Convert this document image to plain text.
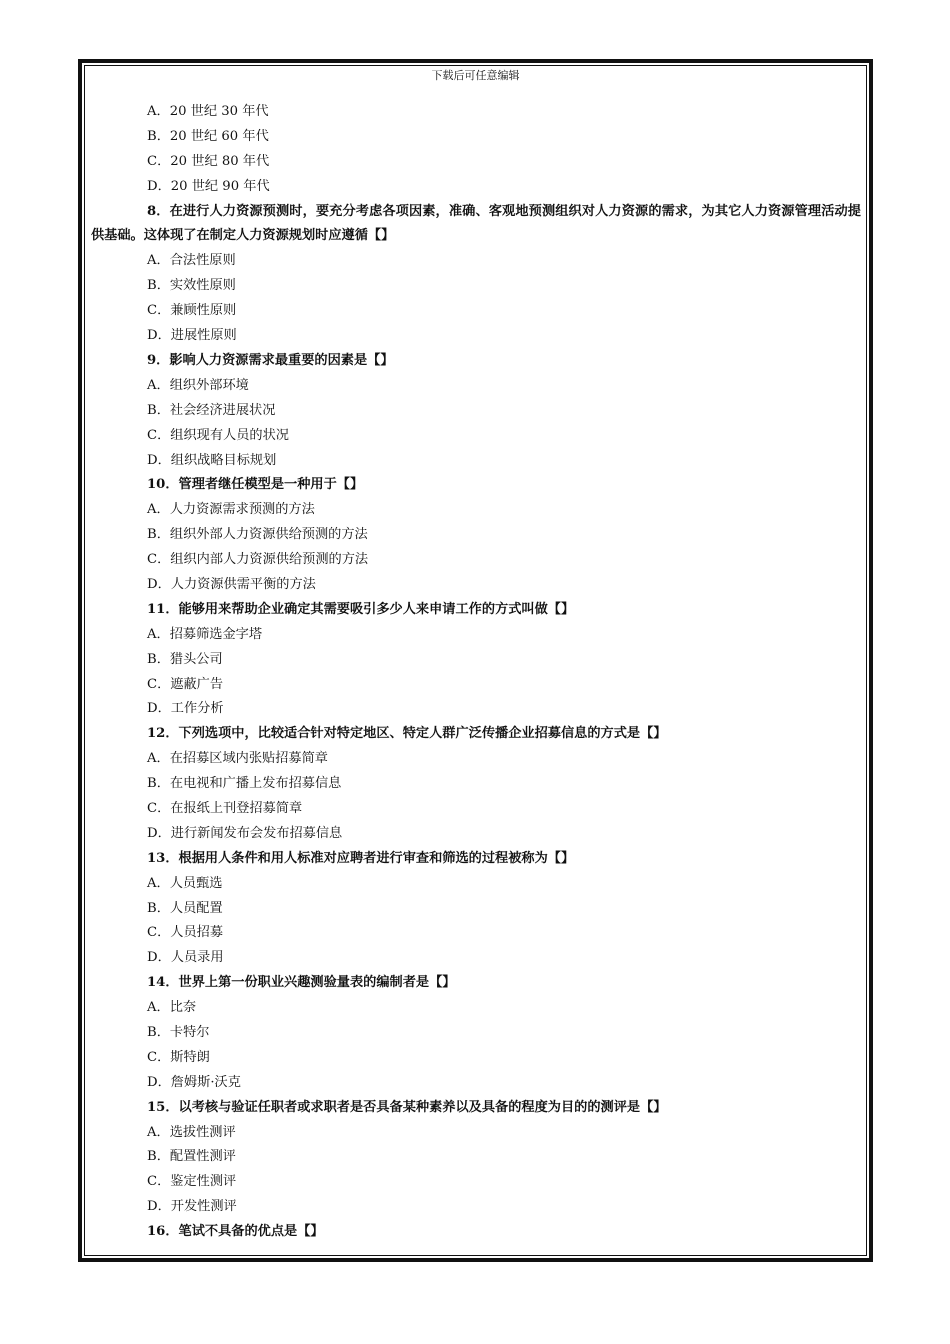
下载后可任意编辑
A．20 世纪 30 年代
B．20 世纪 60 年代
C．20 世纪 80 年代
D．20 世纪 90 年代
8．在进行人力资源预测时，要充分考虑各项因素，准确、客观地预测组织对人力资源的需求，为其它人力资源管理活动提供基础。这体现了在制定人力资源规划时应遵循【】
A．合法性原则
B．实效性原则
C．兼顾性原则
D．进展性原则
9．影响人力资源需求最重要的因素是【】
A．组织外部环境
B．社会经济进展状况
C．组织现有人员的状况
D．组织战略目标规划
10．管理者继任模型是一种用于【】
A．人力资源需求预测的方法
B．组织外部人力资源供给预测的方法
C．组织内部人力资源供给预测的方法
D．人力资源供需平衡的方法
11．能够用来帮助企业确定其需要吸引多少人来申请工作的方式叫做【】
A．招募筛选金字塔
B．猎头公司
C．遮蔽广告
D．工作分析
12．下列选项中，比较适合针对特定地区、特定人群广泛传播企业招募信息的方式是【】
A．在招募区域内张贴招募简章
B．在电视和广播上发布招募信息
C．在报纸上刊登招募简章
D．进行新闻发布会发布招募信息
13．根据用人条件和用人标准对应聘者进行审查和筛选的过程被称为【】
A．人员甄选
B．人员配置
C．人员招募
D．人员录用
14．世界上第一份职业兴趣测验量表的编制者是【】
A．比奈
B．卡特尔
C．斯特朗
D．詹姆斯·沃克
15．以考核与验证任职者或求职者是否具备某种素养以及具备的程度为目的的测评是【】
A．选拔性测评
B．配置性测评
C．鉴定性测评
D．开发性测评
16．笔试不具备的优点是【】
